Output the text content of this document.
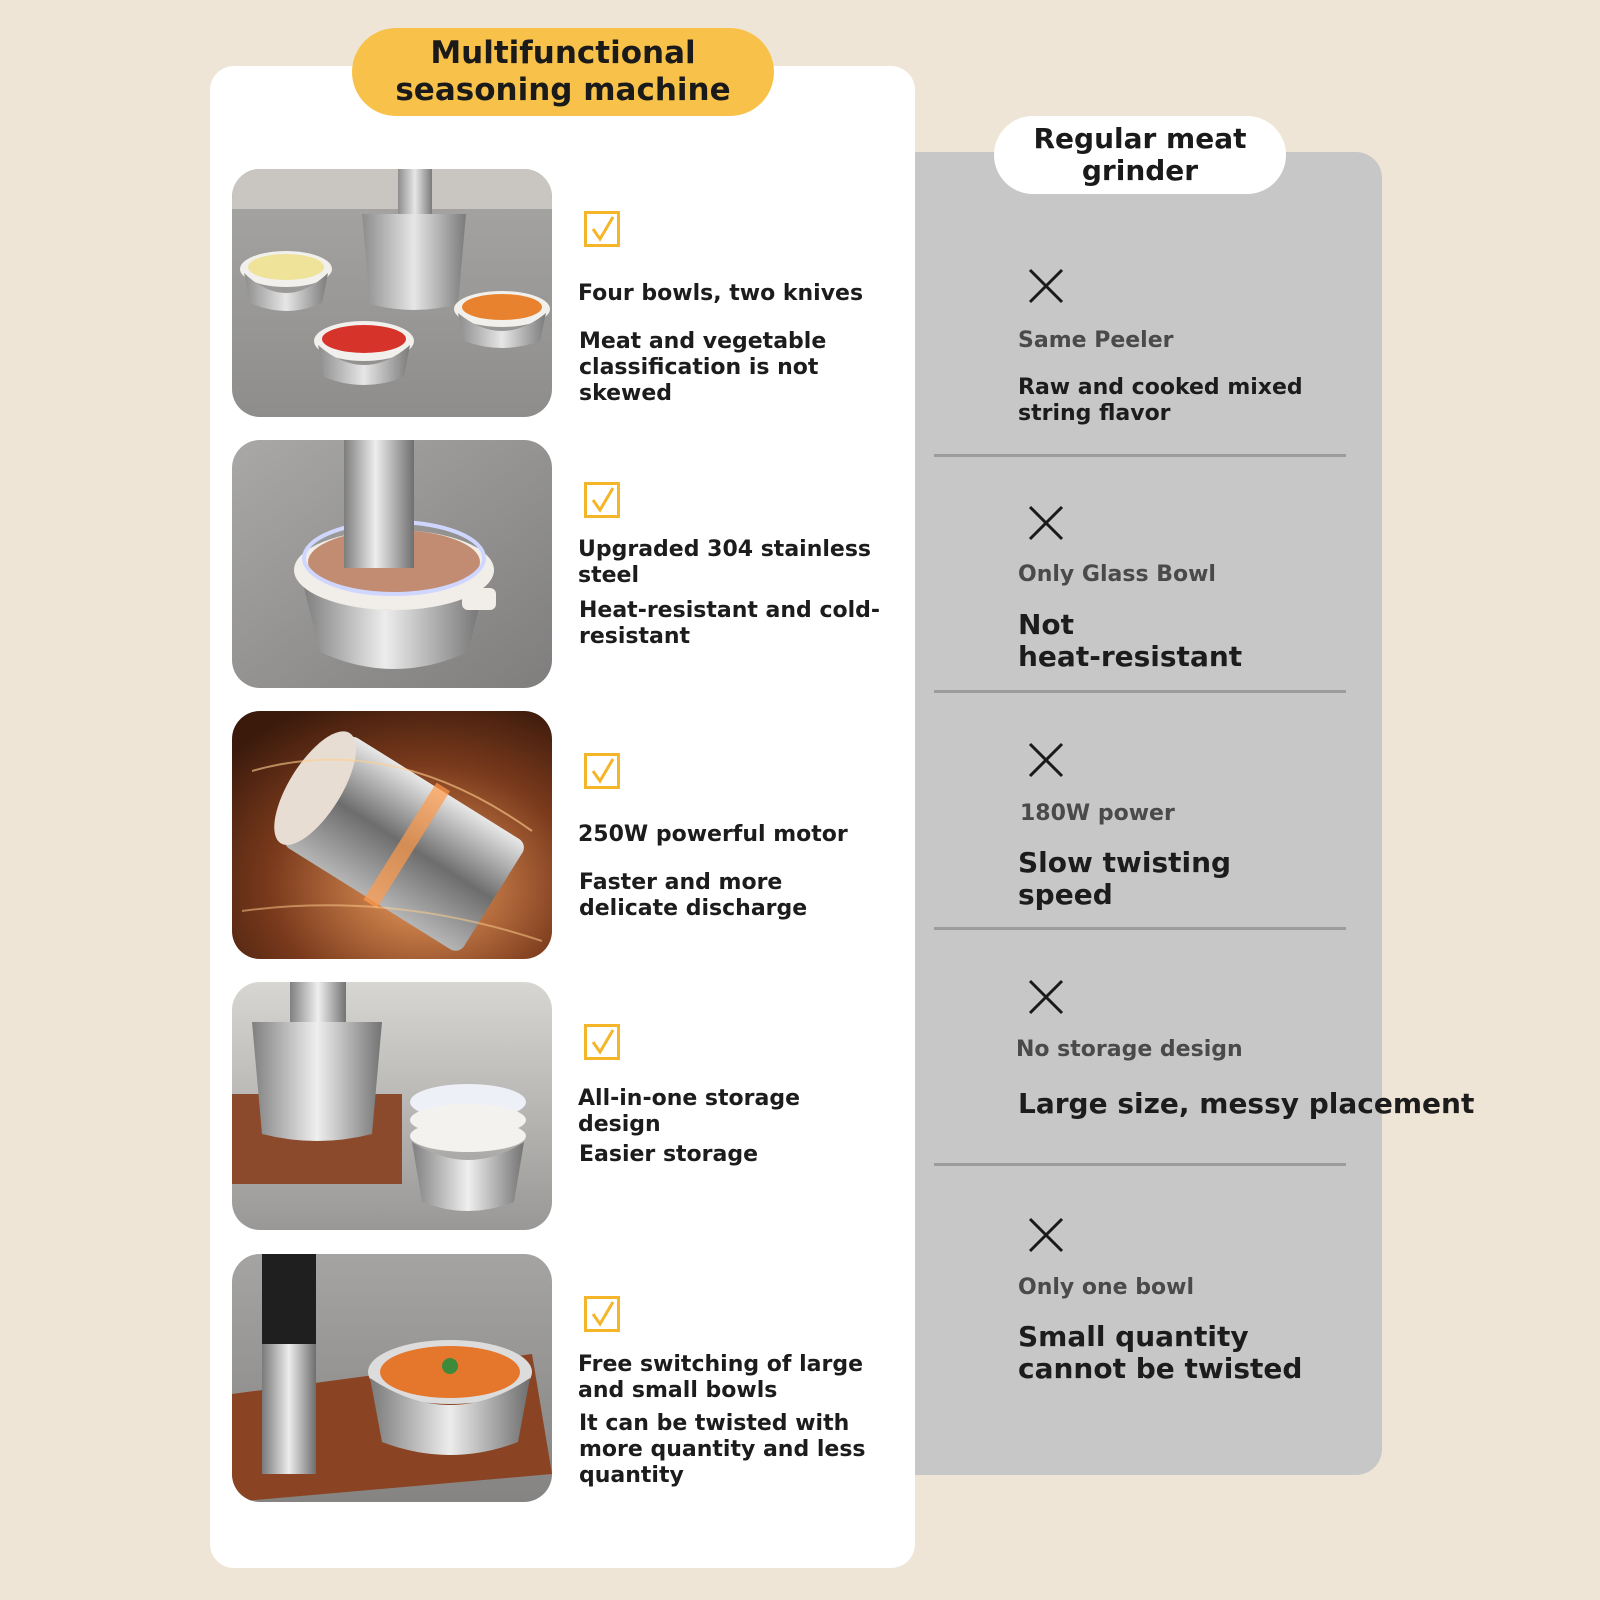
Multifunctional
seasoning machine
Regular meat
grinder
Four bowls, two knives
Meat and vegetable classification is not skewed
Upgraded 304 stainless steel
Heat-resistant and cold-resistant
250W powerful motor
Faster and more delicate discharge
All-in-one storage design
Easier storage
Free switching of large and small bowls
It can be twisted with more quantity and less quantity
Same Peeler
Raw and cooked mixed
string flavor
Only Glass Bowl
Not
heat-resistant
180W power
Slow twisting
speed
No storage design
Large size, messy placement
Only one bowl
Small quantity
cannot be twisted
